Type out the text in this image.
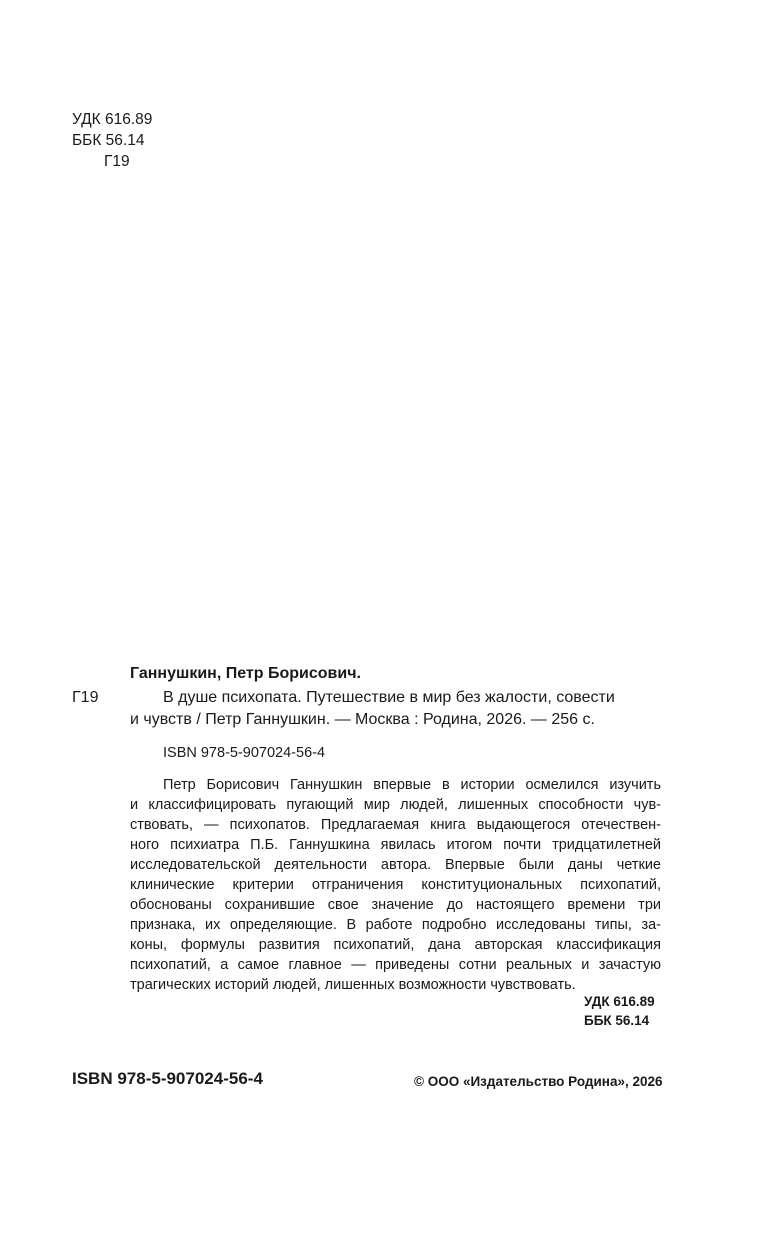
УДК 616.89

ББК 56.14

Г19

Ганнушкин, Петр Борисович.

Г19	В душе психопата. Путешествие в мир без жалости, совести

и чувств / Петр Ганнушкин. — Москва : Родина, 2026. — 256 с.

ISBN 978-5-907024-56-4

Петр Борисович Ганнушкин впервые в истории осмелился изучить

и классифицировать пугающий мир людей, лишенных способности чув-

ствовать, — психопатов. Предлагаемая книга выдающегося отечествен-

ного психиатра П.Б. Ганнушкина явилась итогом почти тридцатилетней

исследовательской деятельности автора. Впервые были даны четкие

клинические критерии отграничения конституциональных психопатий,

обоснованы сохранившие свое значение до настоящего времени три

признака, их определяющие. В работе подробно исследованы типы, за-

коны, формулы развития психопатий, дана авторская классификация

психопатий, а самое главное — приведены сотни реальных и зачастую

трагических историй людей, лишенных возможности чувствовать.

УДК 616.89

ББК 56.14

ISBN 978-5-907024-56-4	© ООО «Издательство Родина», 2026
